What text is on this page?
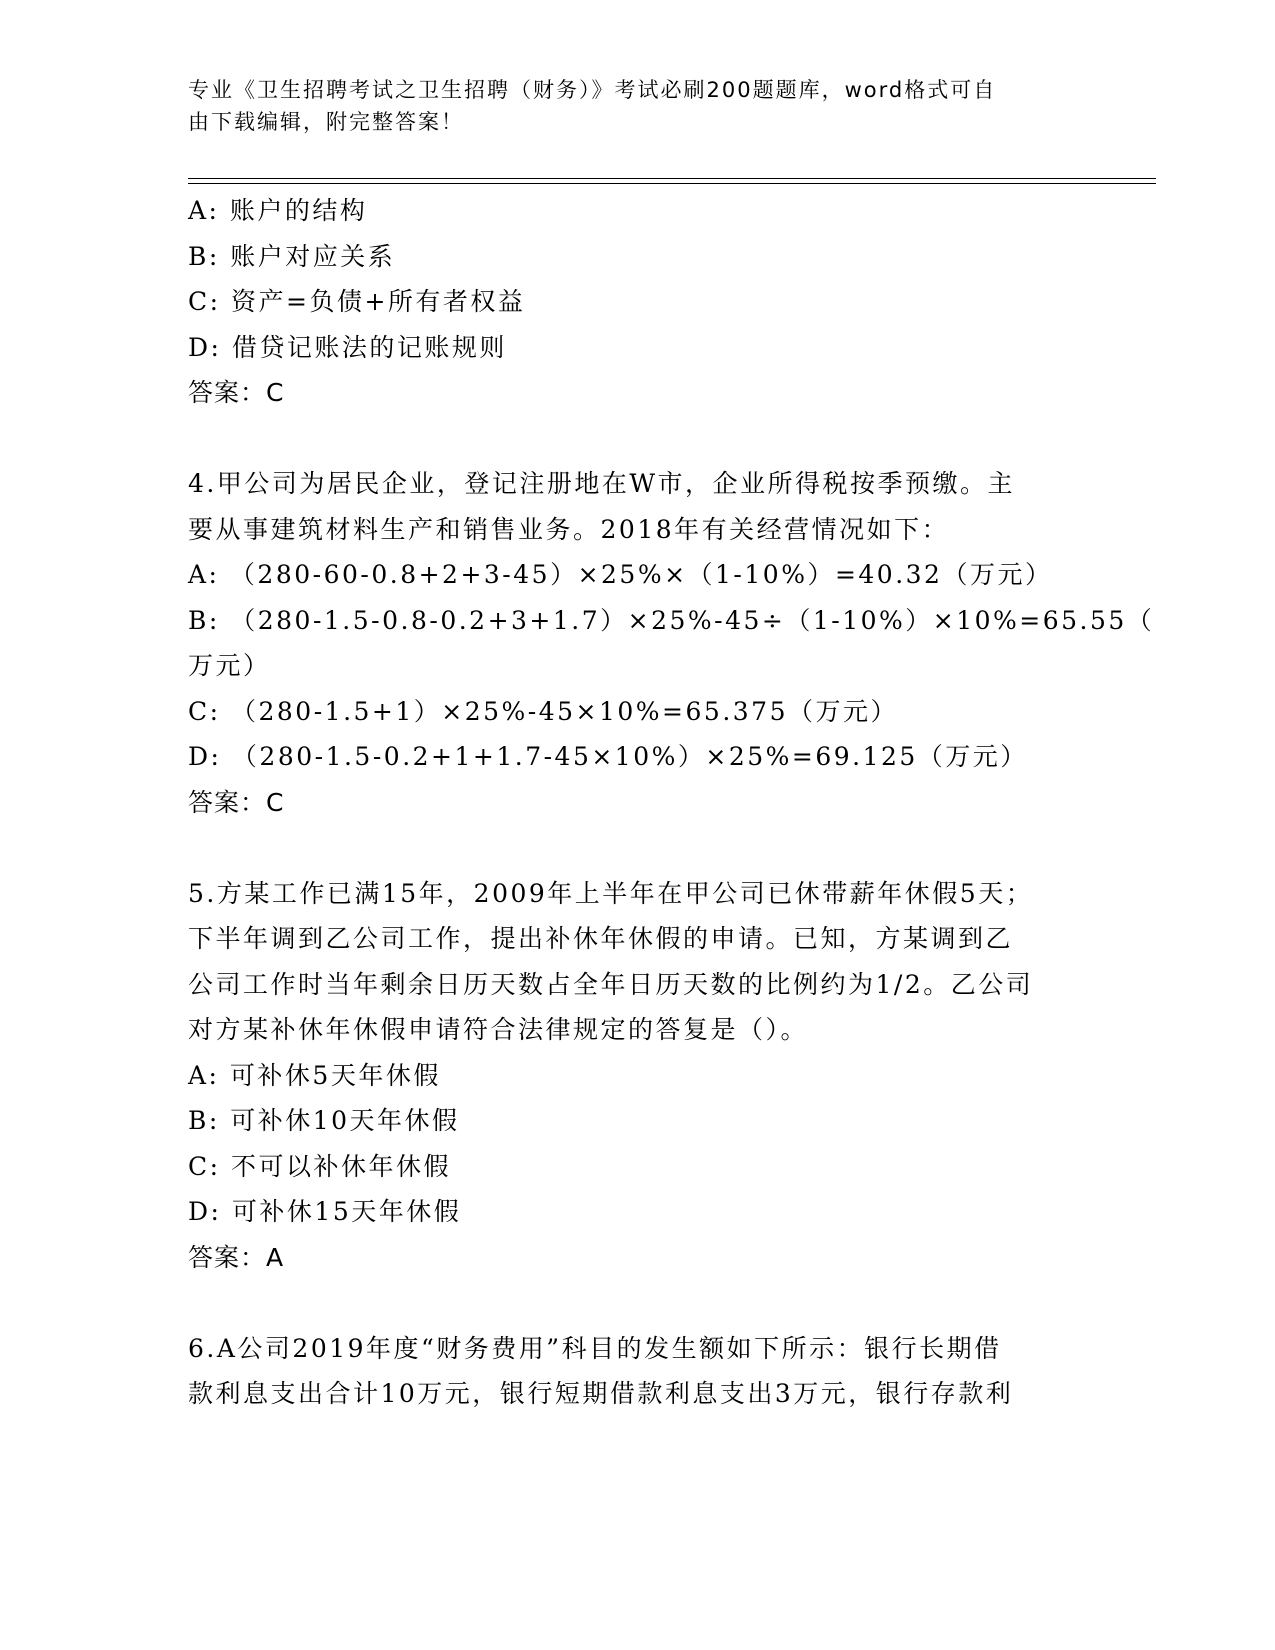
专业《卫生招聘考试之卫生招聘（财务）》考试必刷200题题库，word格式可自
由下载编辑，附完整答案！
A: 账户的结构
B: 账户对应关系
C: 资产=负债+所有者权益
D: 借贷记账法的记账规则
答案：C
4.甲公司为居民企业，登记注册地在W市，企业所得税按季预缴。主
要从事建筑材料生产和销售业务。2018年有关经营情况如下：
A: （280-60-0.8+2+3-45）×25%×（1-10%）=40.32（万元）
B: （280-1.5-0.8-0.2+3+1.7）×25%-45÷（1-10%）×10%=65.55（
万元）
C: （280-1.5+1）×25%-45×10%=65.375（万元）
D: （280-1.5-0.2+1+1.7-45×10%）×25%=69.125（万元）
答案：C
5.方某工作已满15年，2009年上半年在甲公司已休带薪年休假5天；
下半年调到乙公司工作，提出补休年休假的申请。已知，方某调到乙
公司工作时当年剩余日历天数占全年日历天数的比例约为1/2。乙公司
对方某补休年休假申请符合法律规定的答复是（）。
A: 可补休5天年休假
B: 可补休10天年休假
C: 不可以补休年休假
D: 可补休15天年休假
答案：A
6.A公司2019年度“财务费用”科目的发生额如下所示：银行长期借
款利息支出合计10万元，银行短期借款利息支出3万元，银行存款利
